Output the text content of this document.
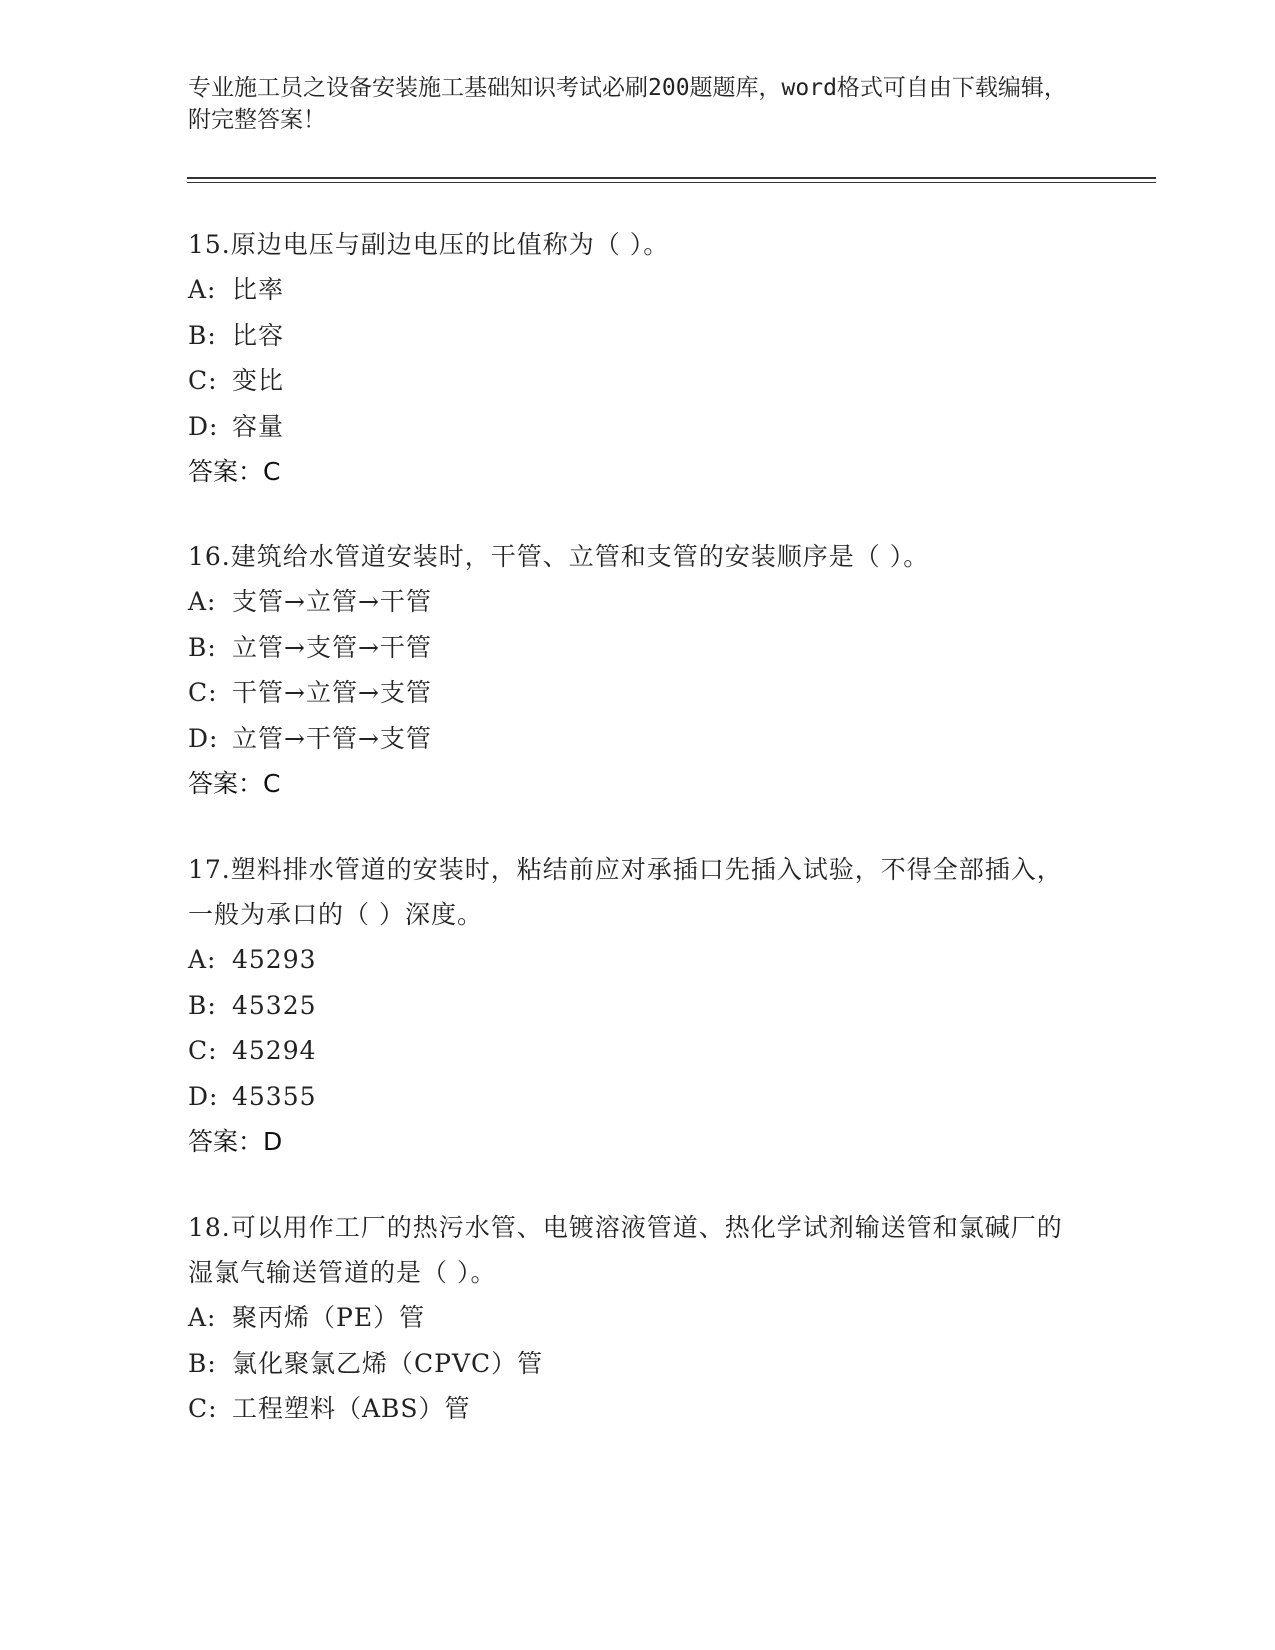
专业施工员之设备安装施工基础知识考试必刷200题题库，word格式可自由下载编辑，附完整答案！
15.原边电压与副边电压的比值称为（ ）。
A: 比率
B: 比容
C: 变比
D: 容量
答案：C
16.建筑给水管道安装时，干管、立管和支管的安装顺序是（ ）。
A: 支管→立管→干管
B: 立管→支管→干管
C: 干管→立管→支管
D: 立管→干管→支管
答案：C
17.塑料排水管道的安装时，粘结前应对承插口先插入试验，不得全部插入，一般为承口的（ ）深度。
A: 45293
B: 45325
C: 45294
D: 45355
答案：D
18.可以用作工厂的热污水管、电镀溶液管道、热化学试剂输送管和氯碱厂的湿氯气输送管道的是（ ）。
A: 聚丙烯（PE）管
B: 氯化聚氯乙烯（CPVC）管
C: 工程塑料（ABS）管
